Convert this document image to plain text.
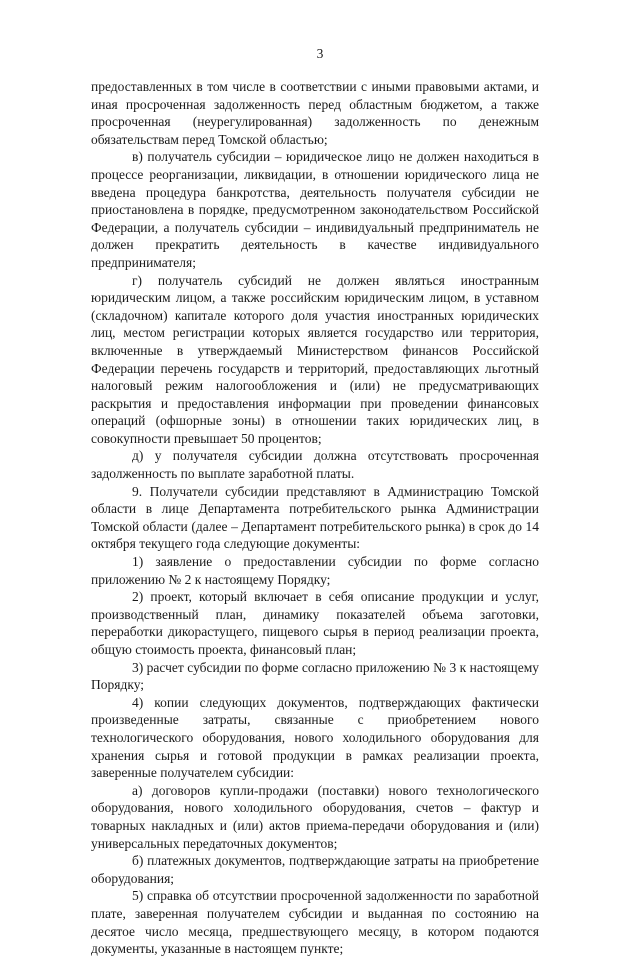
3

предоставленных в том числе в соответствии с иными правовыми актами, и иная просроченная задолженность перед областным бюджетом, а также просроченная (неурегулированная) задолженность по денежным обязательствам перед Томской областью;

в) получатель субсидии – юридическое лицо не должен находиться в процессе реорганизации, ликвидации, в отношении юридического лица не введена процедура банкротства, деятельность получателя субсидии не приостановлена в порядке, предусмотренном законодательством Российской Федерации, а получатель субсидии – индивидуальный предприниматель не должен прекратить деятельность в качестве индивидуального предпринимателя;

г) получатель субсидий не должен являться иностранным юридическим лицом, а также российским юридическим лицом, в уставном (складочном) капитале которого доля участия иностранных юридических лиц, местом регистрации которых является государство или территория, включенные в утверждаемый Министерством финансов Российской Федерации перечень государств и территорий, предоставляющих льготный налоговый режим налогообложения и (или) не предусматривающих раскрытия и предоставления информации при проведении финансовых операций (офшорные зоны) в отношении таких юридических лиц, в совокупности превышает 50 процентов;

д) у получателя субсидии должна отсутствовать просроченная задолженность по выплате заработной платы.

9. Получатели субсидии представляют в Администрацию Томской области в лице Департамента потребительского рынка Администрации Томской области (далее – Департамент потребительского рынка) в срок до 14 октября текущего года следующие документы:

1) заявление о предоставлении субсидии по форме согласно приложению № 2 к настоящему Порядку;

2) проект, который включает в себя описание продукции и услуг, производственный план, динамику показателей объема заготовки, переработки дикорастущего, пищевого сырья в период реализации проекта, общую стоимость проекта, финансовый план;

3) расчет субсидии по форме согласно приложению № 3 к настоящему Порядку;

4) копии следующих документов, подтверждающих фактически произведенные затраты, связанные с приобретением нового технологического оборудования, нового холодильного оборудования для хранения сырья и готовой продукции в рамках реализации проекта, заверенные получателем субсидии:

а) договоров купли-продажи (поставки) нового технологического оборудования, нового холодильного оборудования, счетов – фактур и товарных накладных и (или) актов приема-передачи оборудования и (или) универсальных передаточных документов;

б) платежных документов, подтверждающие затраты на приобретение оборудования;

5) справка об отсутствии просроченной задолженности по заработной плате, заверенная получателем субсидии и выданная по состоянию на десятое число месяца, предшествующего месяцу, в котором подаются документы, указанные в настоящем пункте;
